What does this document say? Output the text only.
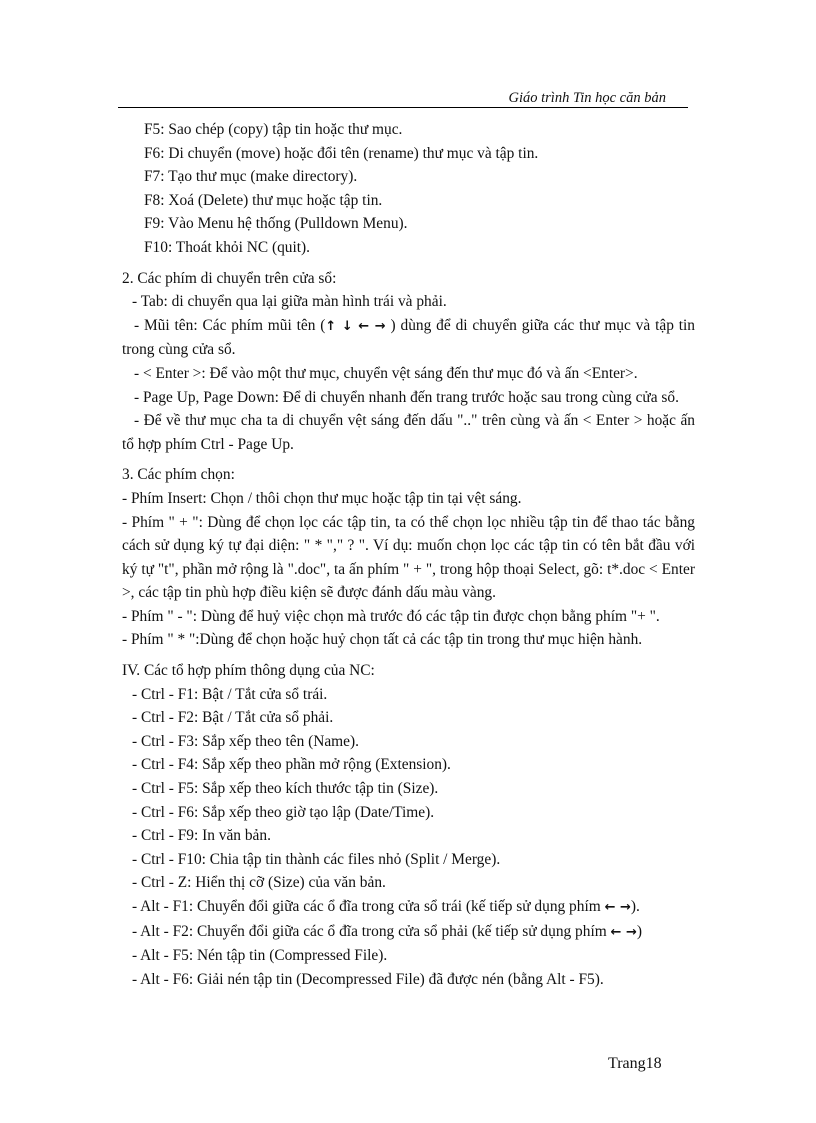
Giáo trình Tin học căn bản

F5: Sao chép (copy) tập tin hoặc thư mục.

F6: Di chuyển (move) hoặc đổi tên (rename) thư mục và tập tin.

F7: Tạo thư mục (make directory).

F8: Xoá (Delete) thư mục hoặc tập tin.

F9: Vào Menu hệ thống (Pulldown Menu).

F10: Thoát khỏi NC (quit).

2. Các phím di chuyển trên cửa sổ:

- Tab: di chuyển qua lại giữa màn hình trái và phải.

- Mũi tên: Các phím mũi tên (↑ ↓ ← → ) dùng để di chuyển giữa các thư mục và tập tin trong cùng cửa sổ.

- < Enter >: Để vào một thư mục, chuyển vệt sáng đến thư mục đó và ấn <Enter>.

- Page Up, Page Down: Để di chuyển nhanh đến trang trước hoặc sau trong cùng cửa sổ.

- Để về thư mục cha ta di chuyển vệt sáng đến dấu ".." trên cùng và ấn < Enter > hoặc ấn tổ hợp phím Ctrl - Page Up.

3. Các phím chọn:

- Phím Insert: Chọn / thôi chọn thư mục hoặc tập tin tại vệt sáng.

- Phím " + ": Dùng để chọn lọc các tập tin, ta có thể chọn lọc nhiều tập tin để thao tác bằng cách sử dụng ký tự đại diện: " * "," ? ". Ví dụ: muốn chọn lọc các tập tin có tên bắt đầu với ký tự "t", phần mở rộng là ".doc", ta ấn phím " + ", trong hộp thoại Select, gõ: t*.doc < Enter >, các tập tin phù hợp điều kiện sẽ được đánh dấu màu vàng.

- Phím " - ": Dùng để huỷ việc chọn mà trước đó các tập tin được chọn bằng phím "+ ".

- Phím " * ":Dùng để chọn hoặc huỷ chọn tất cả các tập tin trong thư mục hiện hành.

IV. Các tổ hợp phím thông dụng của NC:

- Ctrl - F1: Bật / Tắt cửa sổ trái.

- Ctrl - F2: Bật / Tắt cửa sổ phải.

- Ctrl - F3: Sắp xếp theo tên (Name).

- Ctrl - F4: Sắp xếp theo phần mở rộng (Extension).

- Ctrl - F5: Sắp xếp theo kích thước tập tin (Size).

- Ctrl - F6: Sắp xếp theo giờ tạo lập (Date/Time).

- Ctrl - F9: In văn bản.

- Ctrl - F10: Chia tập tin thành các files nhỏ (Split / Merge).

- Ctrl - Z: Hiển thị cỡ (Size) của văn bản.

- Alt - F1: Chuyển đổi giữa các ổ đĩa trong cửa sổ trái (kế tiếp sử dụng phím ← →).

- Alt - F2: Chuyển đổi giữa các ổ đĩa trong cửa sổ phải (kế tiếp sử dụng phím ← →)

- Alt - F5: Nén tập tin (Compressed File).

- Alt - F6: Giải nén tập tin (Decompressed File) đã được nén (bằng Alt - F5).

Trang18
